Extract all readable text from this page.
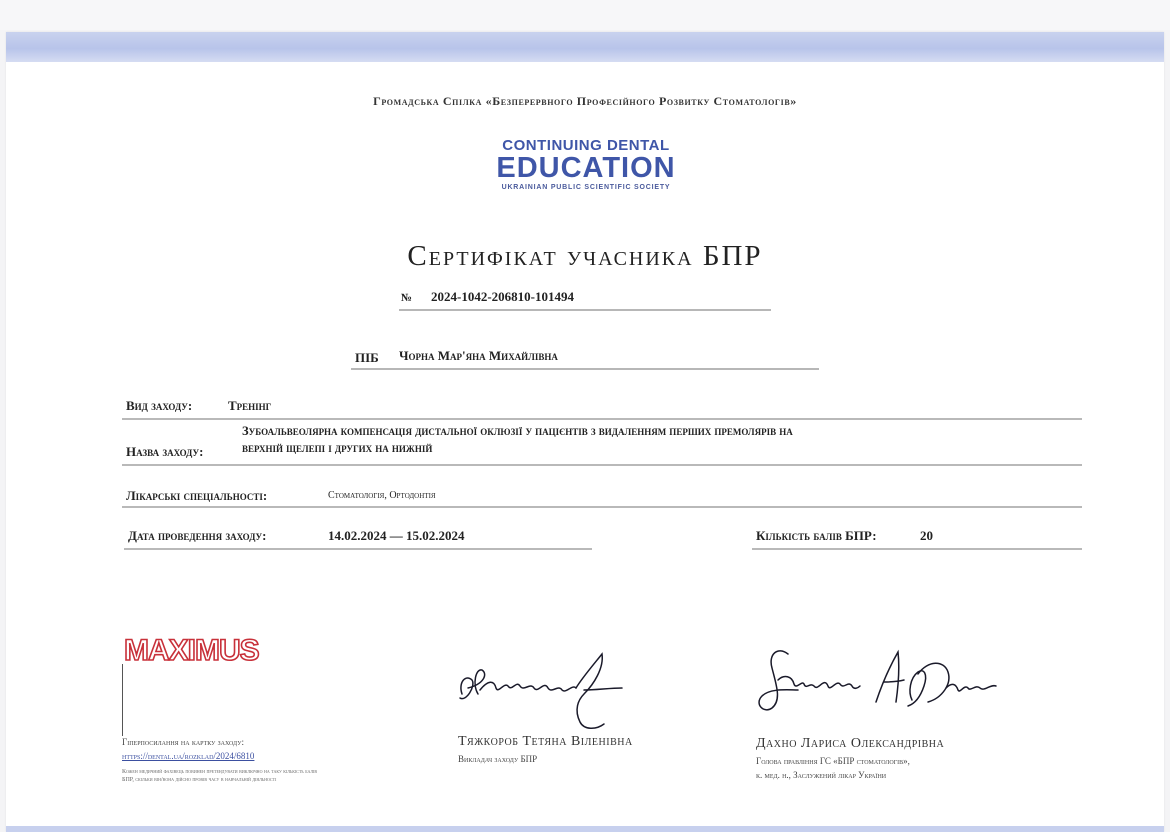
Громадська Спілка «Безперервного Професійного Розвитку Стоматологів»
CONTINUING DENTAL
EDUCATION
UKRAINIAN PUBLIC SCIENTIFIC SOCIETY
Сертифікат учасника БПР
№ 2024-1042-206810-101494
ПІБ Чорна Мар'яна Михайлівна
Вид заходу:	Тренінг
Назва заходу:
Зубоальвеолярна компенсація дистальної оклюзії у пацієнтів з видаленням перших премолярів на
верхній щелепі і других на нижній
Лікарські спеціальності:	Стоматологія, Ортодонтія
Дата проведення заходу:	14.02.2024 — 15.02.2024	Кількість балів БПР:	20
MAXIMUS
Гіперпосилання на картку заходу:
https://dental.ua/rozklad/2024/6810
Кожен медичний фахівець повинен претендувати виключно на таку кількість балів БПР, скільки він/вона дійсно провів часу в навчальній діяльності
Тяжкороб Тетяна Віленівна
Викладач заходу БПР
Дахно Лариса Олександрівна
Голова правління ГС «БПР стоматологів»,
к. мед. н., Заслужений лікар України
